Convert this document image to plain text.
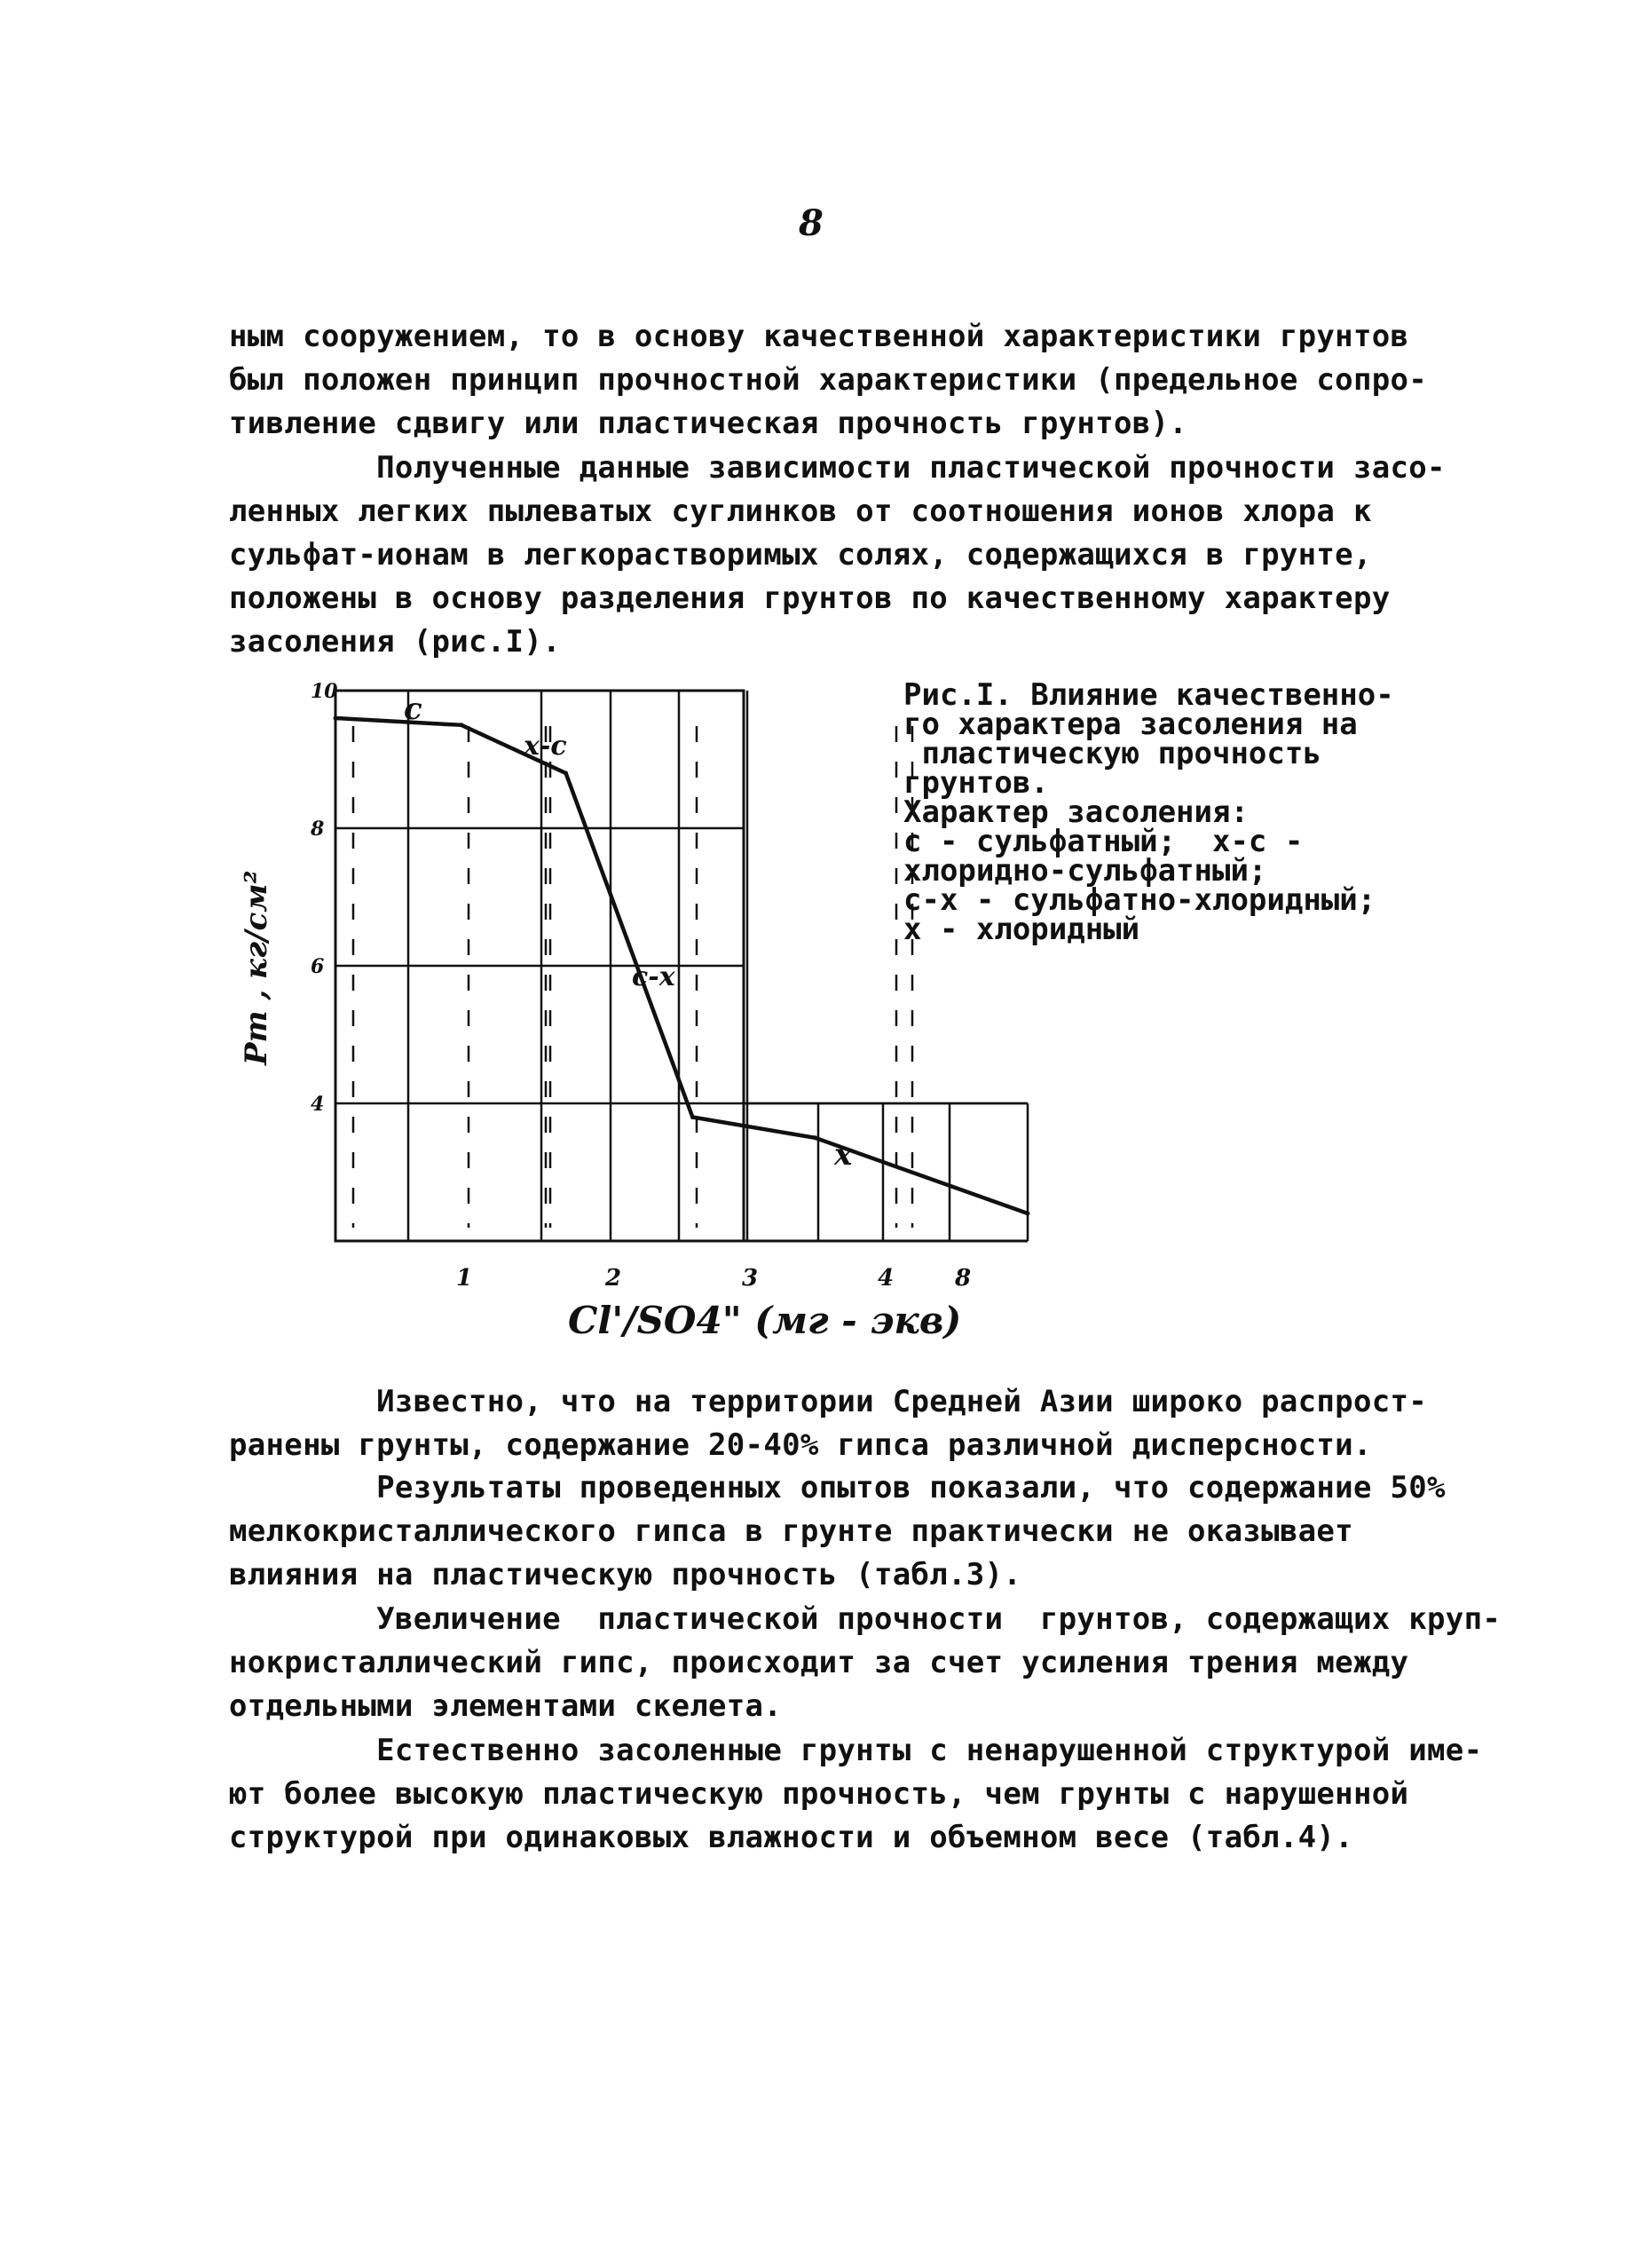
8

ным сооружением, то в основу качественной характеристики грунтов
был положен принцип прочностной характеристики (предельное сопро-
тивление сдвигу или пластическая прочность грунтов).

Полученные данные зависимости пластической прочности засо-
ленных легких пылеватых суглинков от соотношения ионов хлора к
сульфат-ионам в легкорастворимых солях, содержащихся в грунте,
положены в основу разделения грунтов по качественному характеру
засоления (рис.I).

10
8
6
4
1	2	3	4	8
Pm , кг/см²
Cl'/SO4" (мг - экв)
с
х-с
с-х
х
Рис.I. Влияние качественно-
го характера засоления на
пластическую прочность
грунтов.
Характер засоления:
с - сульфатный;  х-с -
хлоридно-сульфатный;
с-х - сульфатно-хлоридный;
х - хлоридный

Известно, что на территории Средней Азии широко распрост-
ранены грунты, содержание 20-40% гипса различной дисперсности.

Результаты проведенных опытов показали, что содержание 50%
мелкокристаллического гипса в грунте практически не оказывает
влияния на пластическую прочность (табл.3).

Увеличение  пластической прочности  грунтов, содержащих круп-
нокристаллический гипс, происходит за счет усиления трения между
отдельными элементами скелета.

Естественно засоленные грунты с ненарушенной структурой име-
ют более высокую пластическую прочность, чем грунты с нарушенной
структурой при одинаковых влажности и объемном весе (табл.4).
